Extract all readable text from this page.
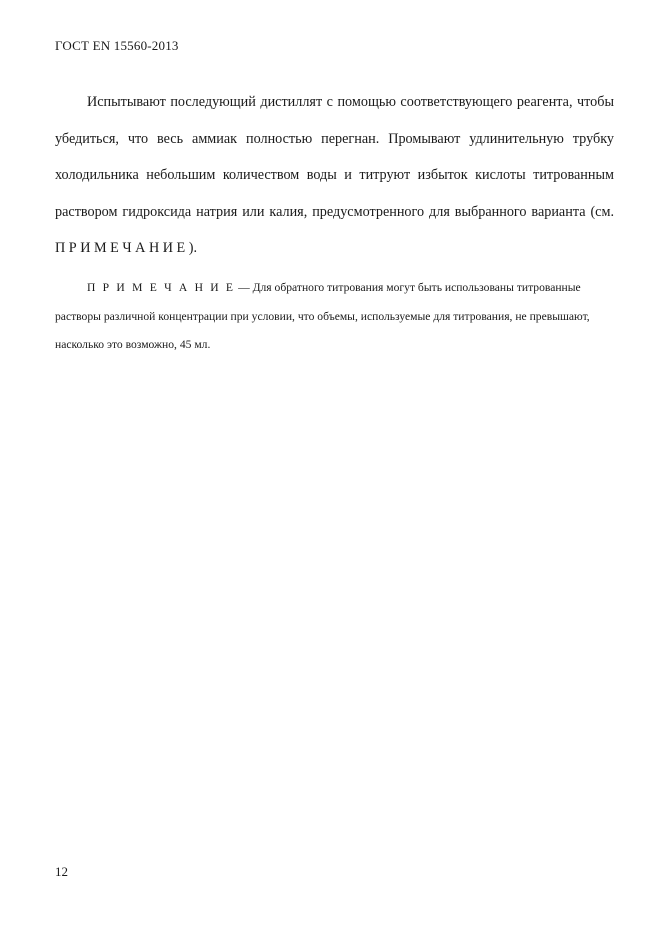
ГОСТ EN 15560-2013

Испытывают последующий дистиллят с помощью соответствующего реагента, чтобы убедиться, что весь аммиак полностью перегнан. Промывают удлинительную трубку холодильника небольшим количеством воды и титруют избыток кислоты титрованным раствором гидроксида натрия или калия, предусмотренного для выбранного варианта (см. П Р И М Е Ч А Н И Е ).

П Р И М Е Ч А Н И Е — Для обратного титрования могут быть использованы титрованные растворы различной концентрации при условии, что объемы, используемые для титрования, не превышают, насколько это возможно, 45 мл.

12
